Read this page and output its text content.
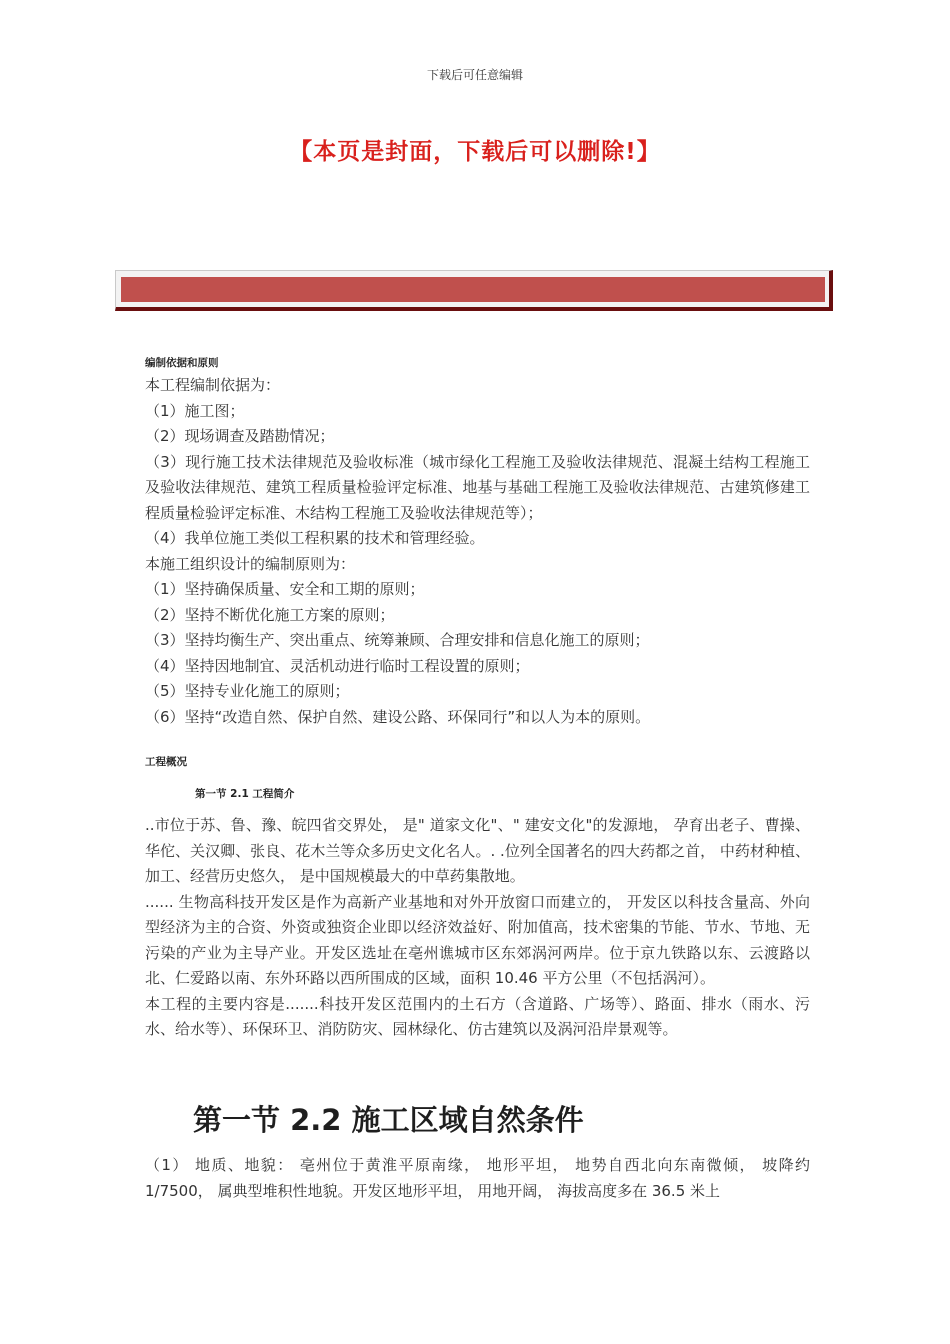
下载后可任意编辑
【本页是封面，下载后可以删除!】
编制依据和原则

本工程编制依据为：

（1）施工图；

（2）现场调查及踏勘情况；

（3）现行施工技术法律规范及验收标准（城市绿化工程施工及验收法律规范、混凝土结构工程施工及验收法律规范、建筑工程质量检验评定标准、地基与基础工程施工及验收法律规范、古建筑修建工程质量检验评定标准、木结构工程施工及验收法律规范等）；

（4）我单位施工类似工程积累的技术和管理经验。

本施工组织设计的编制原则为：

（1）坚持确保质量、安全和工期的原则；

（2）坚持不断优化施工方案的原则；

（3）坚持均衡生产、突出重点、统筹兼顾、合理安排和信息化施工的原则；

（4）坚持因地制宜、灵活机动进行临时工程设置的原则；

（5）坚持专业化施工的原则；

（6）坚持“改造自然、保护自然、建设公路、环保同行”和以人为本的原则。

工程概况
第一节 2.1 工程简介

..市位于苏、鲁、豫、皖四省交界处， 是" 道家文化"、" 建安文化"的发源地， 孕育出老子、曹操、华佗、关汉卿、张良、花木兰等众多历史文化名人。. .位列全国著名的四大药都之首， 中药材种植、加工、经营历史悠久， 是中国规模最大的中草药集散地。

...... 生物高科技开发区是作为高新产业基地和对外开放窗口而建立的， 开发区以科技含量高、外向型经济为主的合资、外资或独资企业即以经济效益好、附加值高，技术密集的节能、节水、节地、无污染的产业为主导产业。开发区选址在亳州谯城市区东郊涡河两岸。位于京九铁路以东、云渡路以北、仁爱路以南、东外环路以西所围成的区域，面积 10.46 平方公里（不包括涡河）。

本工程的主要内容是.......科技开发区范围内的土石方（含道路、广场等）、路面、排水（雨水、污水、给水等）、环保环卫、消防防灾、园林绿化、仿古建筑以及涡河沿岸景观等。

第一节 2.2 施工区域自然条件

（1） 地质、地貌： 亳州位于黄淮平原南缘， 地形平坦， 地势自西北向东南微倾， 坡降约 1/7500， 属典型堆积性地貌。开发区地形平坦， 用地开阔， 海拔高度多在 36.5 米上
